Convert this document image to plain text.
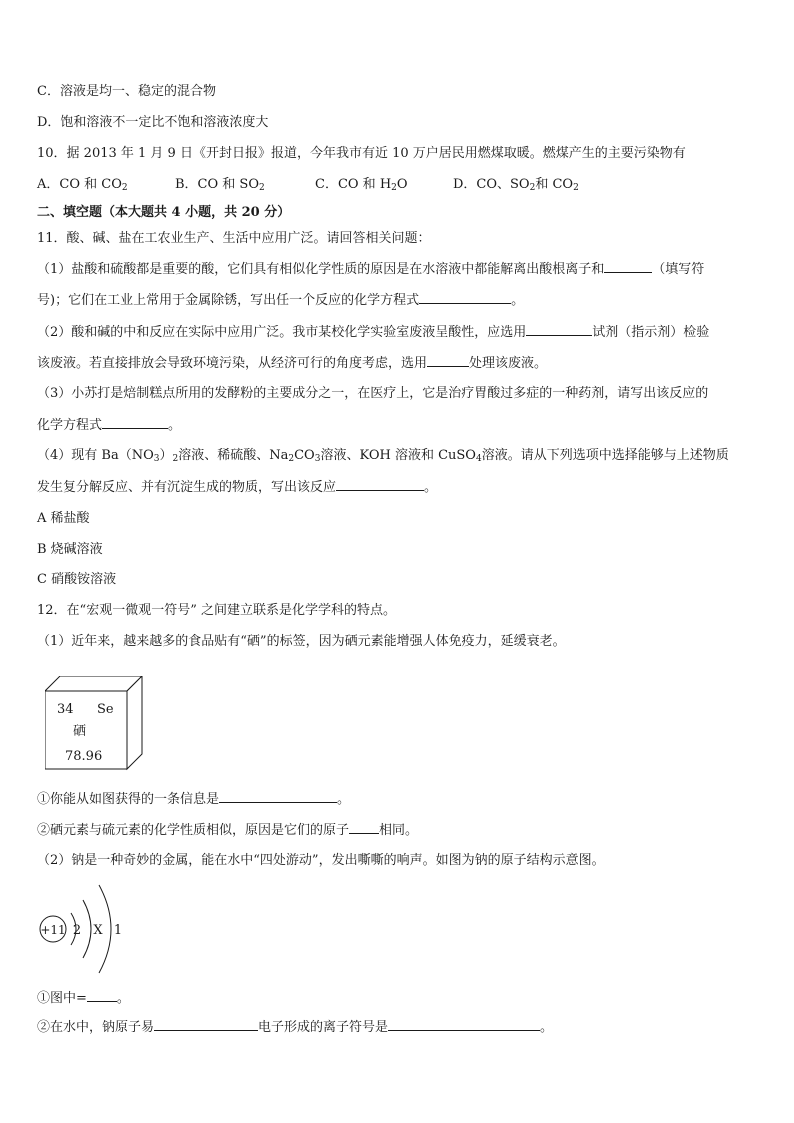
C．溶液是均一、稳定的混合物
D．饱和溶液不一定比不饱和溶液浓度大
10．据 2013 年 1 月 9 日《开封日报》报道，今年我市有近 10 万户居民用燃煤取暖。燃煤产生的主要污染物有
A．CO 和 $CO_2$	B．CO 和 $SO_2$	C．CO 和 $H_2O$	D．CO、$SO_2$和 $CO_2$
二、填空题（本大题共 4 小题，共 20 分）
11．酸、碱、盐在工农业生产、生活中应用广泛。请回答相关问题：
（1）盐酸和硫酸都是重要的酸，它们具有相似化学性质的原因是在水溶液中都能解离出酸根离子和	（填写符
号)；它们在工业上常用于金属除锈，写出任一个反应的化学方程式	。
（2）酸和碱的中和反应在实际中应用广泛。我市某校化学实验室废液呈酸性，应选用	试剂（指示剂）检验
该废液。若直接排放会导致环境污染，从经济可行的角度考虑，选用	处理该废液。
（3）小苏打是焙制糕点所用的发酵粉的主要成分之一，在医疗上，它是治疗胃酸过多症的一种药剂，请写出该反应的
化学方程式	。
（4）现有 $Ba(NO_3)_2$溶液、稀硫酸、$Na_2CO_3$溶液、KOH 溶液和 CuSO$_4$溶液。请从下列选项中选择能够与上述物质
发生复分解反应、并有沉淀生成的物质，写出该反应	。
A 稀盐酸
B 烧碱溶液
C 硝酸铵溶液
12．在“宏观一微观一符号” 之间建立联系是化学学科的特点。
（1）近年来，越来越多的食品贴有“硒”的标签，因为硒元素能增强人体免疫力，延缓衰老。
34 Se
硒
78.96
①你能从如图获得的一条信息是	。
②硒元素与硫元素的化学性质相似，原因是它们的原子 相同。
（2）钠是一种奇妙的金属，能在水中“四处游动”，发出嘶嘶的响声。如图为钠的原子结构示意图。
+11 2 X 1
①图中= 。
②在水中，钠原子易	电子形成的离子符号是	。
